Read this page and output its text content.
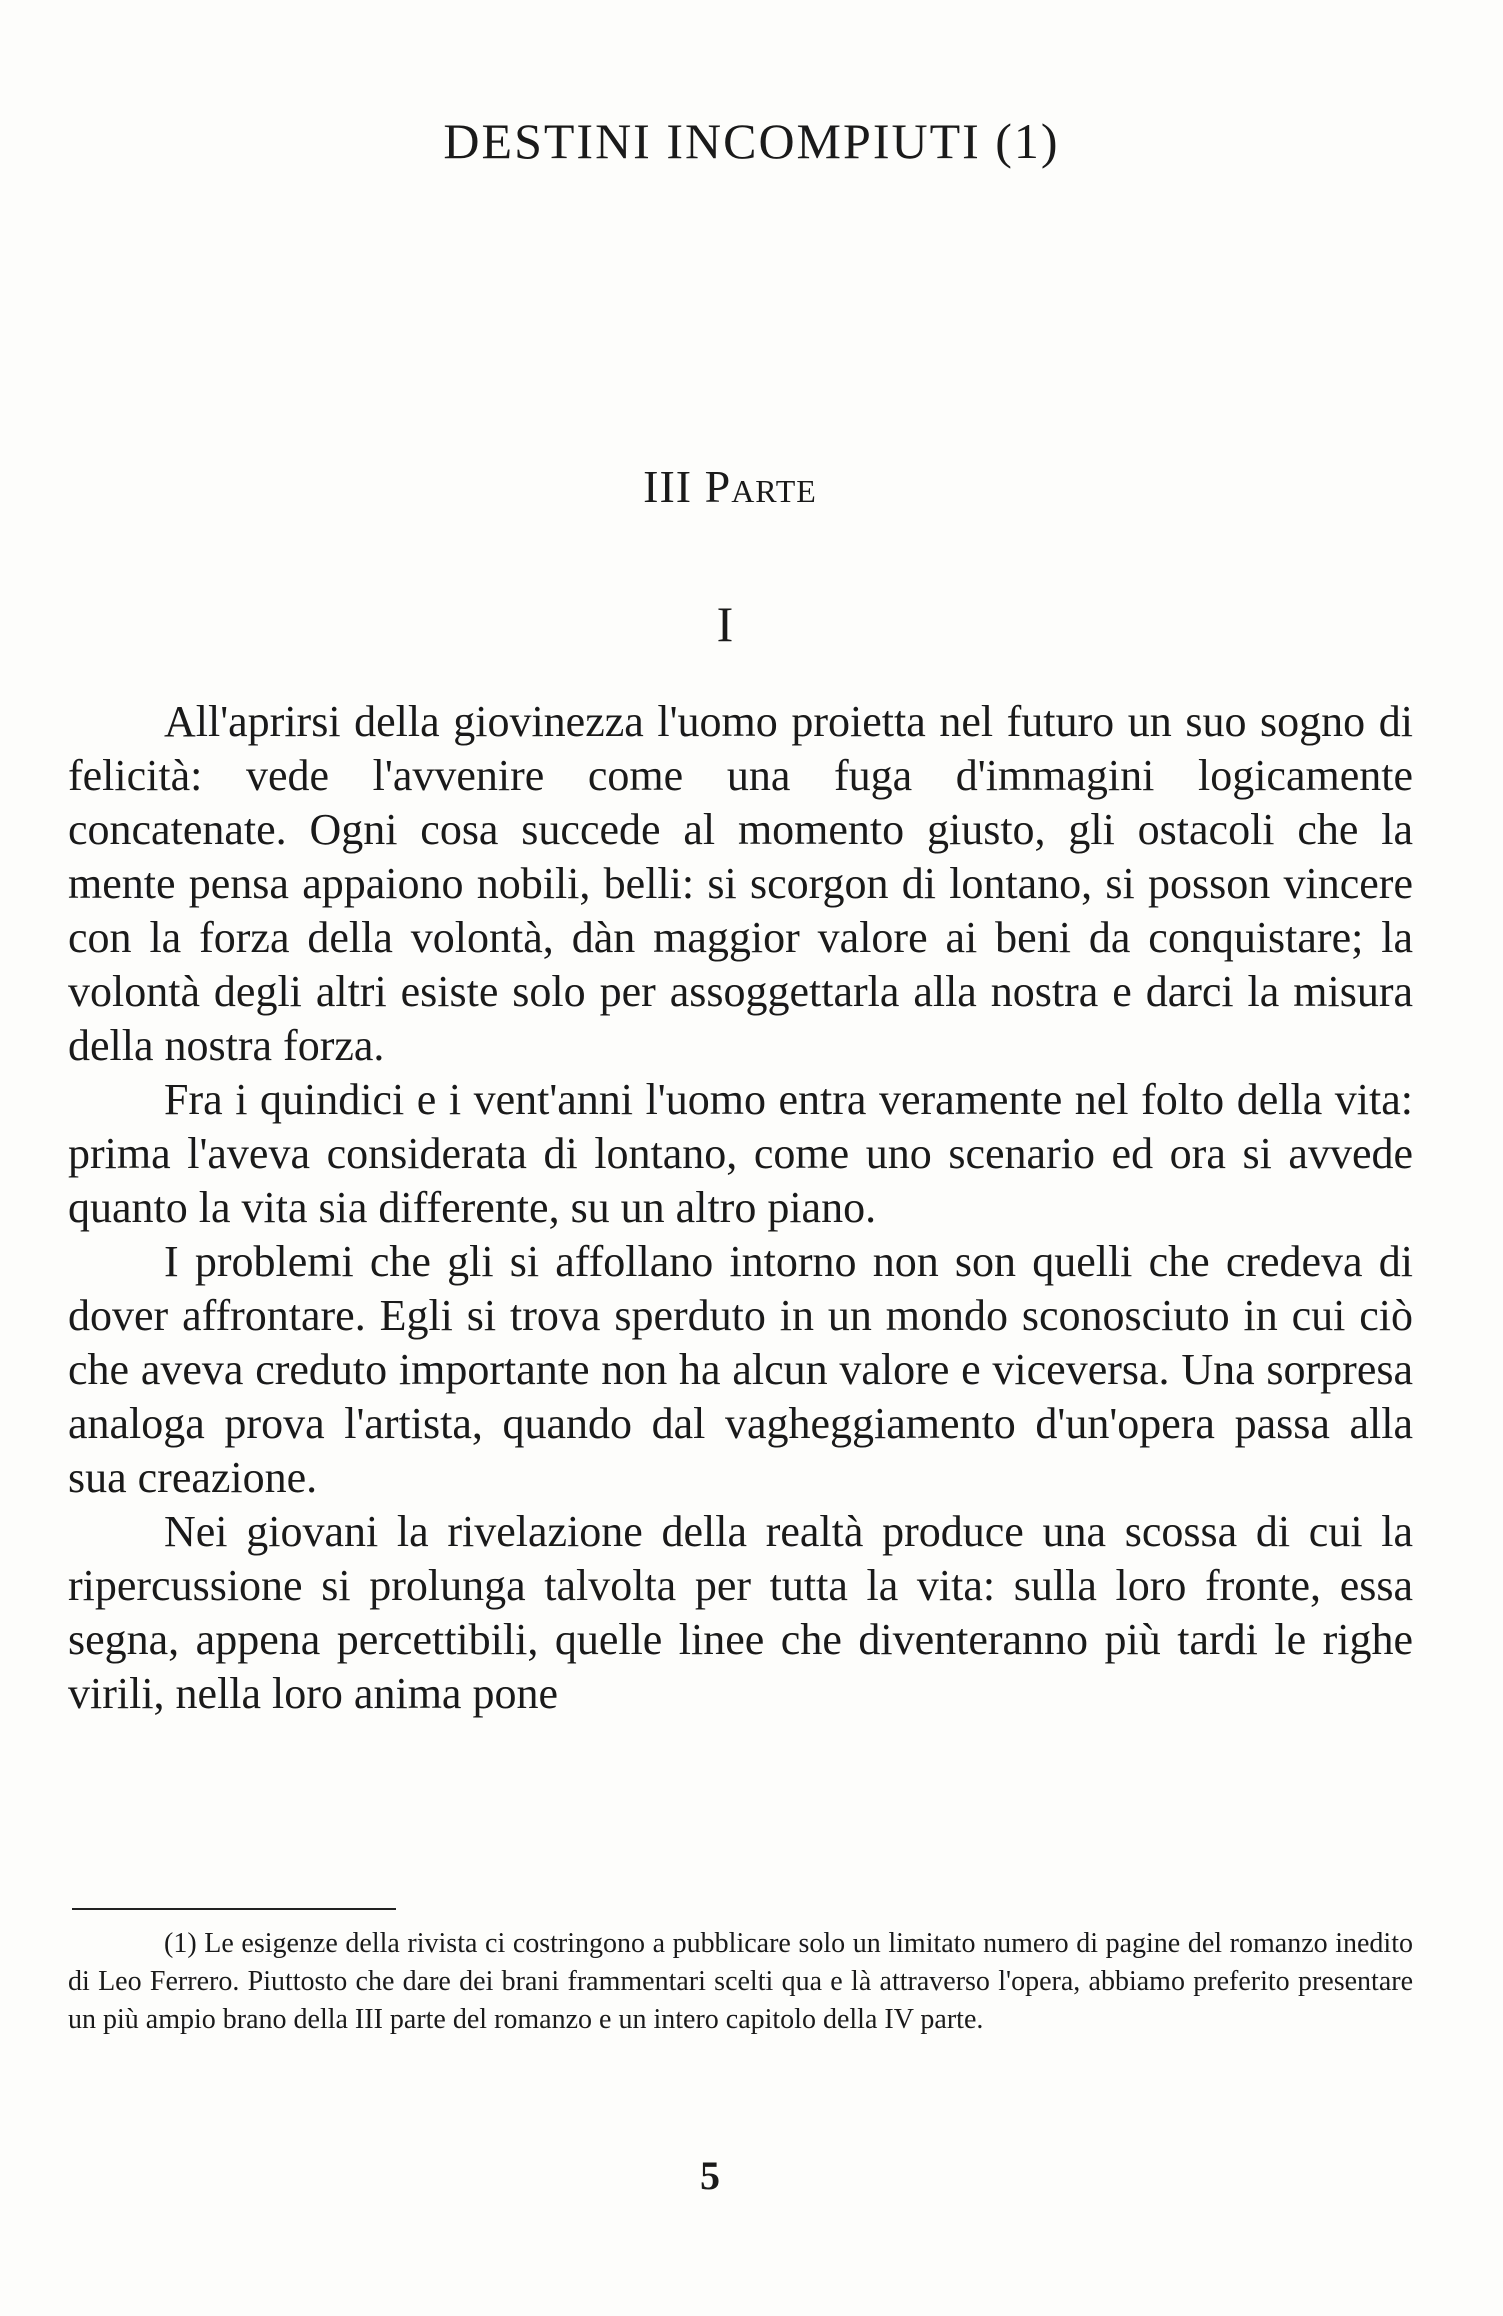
DESTINI INCOMPIUTI (1)
III Parte
I

All'aprirsi della giovinezza l'uomo proietta nel futuro un suo sogno di felicità: vede l'avvenire come una fuga d'immagini logicamente concatenate. Ogni cosa succede al momento giusto, gli ostacoli che la mente pensa appaiono nobili, belli: si scorgon di lontano, si posson vincere con la forza della volontà, dàn maggior valore ai beni da conquistare; la volontà degli altri esiste solo per assoggettarla alla nostra e darci la misura della nostra forza.

Fra i quindici e i vent'anni l'uomo entra veramente nel folto della vita: prima l'aveva considerata di lontano, come uno scenario ed ora si avvede quanto la vita sia differente, su un altro piano.

I problemi che gli si affollano intorno non son quelli che credeva di dover affrontare. Egli si trova sperduto in un mondo sconosciuto in cui ciò che aveva creduto importante non ha alcun valore e viceversa. Una sorpresa analoga prova l'artista, quando dal vagheggiamento d'un'opera passa alla sua creazione.

Nei giovani la rivelazione della realtà produce una scossa di cui la ripercussione si prolunga talvolta per tutta la vita: sulla loro fronte, essa segna, appena percettibili, quelle linee che diventeranno più tardi le righe virili, nella loro anima pone

(1) Le esigenze della rivista ci costringono a pubblicare solo un limitato numero di pagine del romanzo inedito di Leo Ferrero. Piuttosto che dare dei brani frammentari scelti qua e là attraverso l'opera, abbiamo preferito presentare un più ampio brano della III parte del romanzo e un intero capitolo della IV parte.

5
